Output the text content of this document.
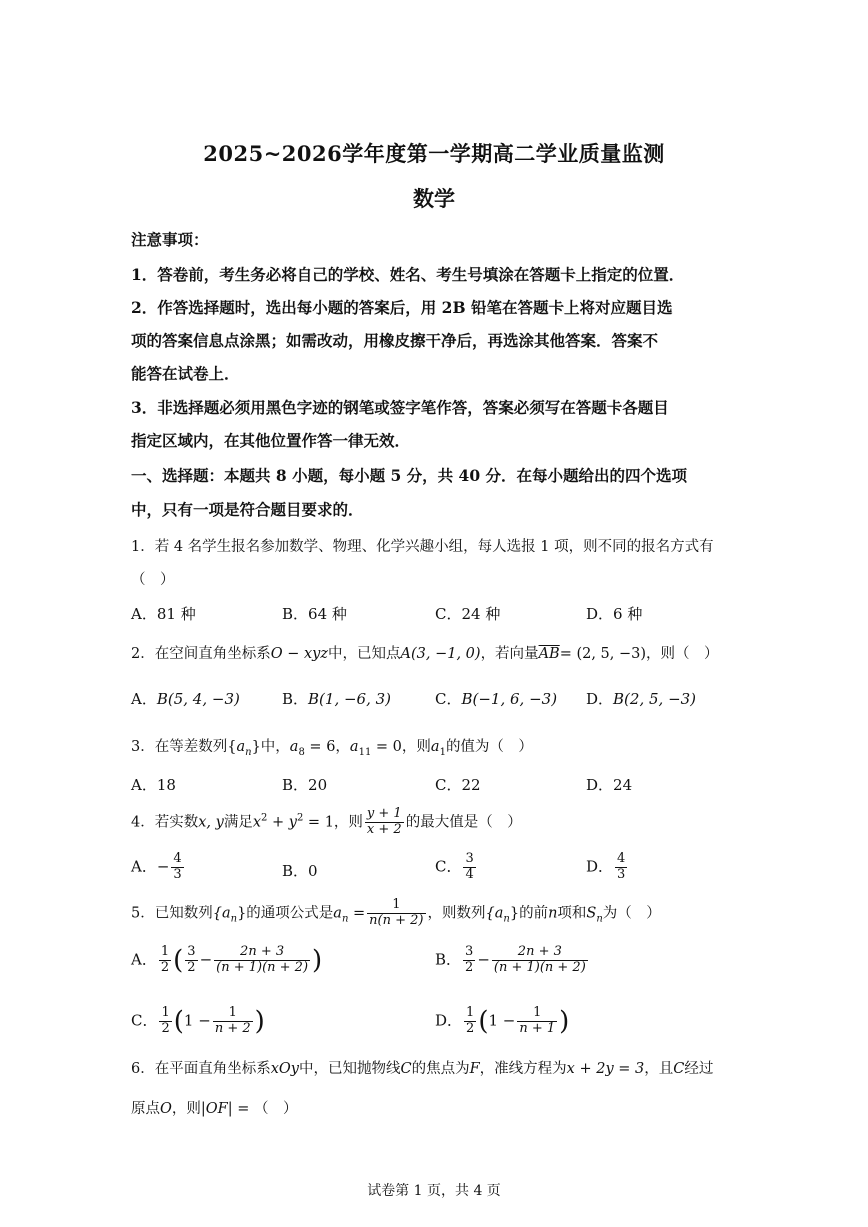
2025~2026学年度第一学期高二学业质量监测
数学
注意事项：
1．答卷前，考生务必将自己的学校、姓名、考生号填涂在答题卡上指定的位置．
2．作答选择题时，选出每小题的答案后，用 2B 铅笔在答题卡上将对应题目选
项的答案信息点涂黑；如需改动，用橡皮擦干净后，再选涂其他答案．答案不
能答在试卷上．
3．非选择题必须用黑色字迹的钢笔或签字笔作答，答案必须写在答题卡各题目
指定区域内，在其他位置作答一律无效．
一、选择题：本题共 8 小题，每小题 5 分，共 40 分．在每小题给出的四个选项
中，只有一项是符合题目要求的．
1．若 4 名学生报名参加数学、物理、化学兴趣小组，每人选报 1 项，则不同的报名方式有
（　）
A．81 种	B．64 种	C．24 种	D．6 种
2．在空间直角坐标系O − xyz中，已知点A(3, −1, 0)，若向量$\overline{AB}= (2$, 5, −3)，则（　）
A．B(5, 4, −3)	B．B(1, −6, 3)	C．B(−1, 6, −3) D．B(2, 5, −3)
3．在等差数列$\{a_n\}$中，$a_8 = 6$，$a_{11} = 0$，则$a_1$的值为（　）
A．18	B．20	C．22	D．24
4．若实数x, y满足$x^2 + y^2 = 1$，则 $\frac{y + 1}{x + 2}$ 的最大值是（　）
A．− $\frac{4}{3}$	B．0	C． $\frac{3}{4}$	D． $\frac{4}{3}$
5．已知数列$\{a_n\}$的通项公式是$a_n = \frac{1}{n(n + 2)}$ ，则数列$\{a_n\}$的前n项和$S_n$为（　）
A． $\frac{1}{2}$ ( $\frac{3}{2} - \frac{2n + 3}{(n + 1)(n + 2)}$ )	B． $\frac{3}{2} - \frac{2n + 3}{(n + 1)(n + 2)}$
C． $\frac{1}{2} (1 - \frac{1}{n + 2}$ )	D． $\frac{1}{2} (1 - \frac{1}{n + 1}$ )
6．在平面直角坐标系xOy中，已知抛物线C的焦点为F，准线方程为x + 2y = 3，且C经过
原点O，则|OF| = （　）
试卷第 1 页，共 4 页
